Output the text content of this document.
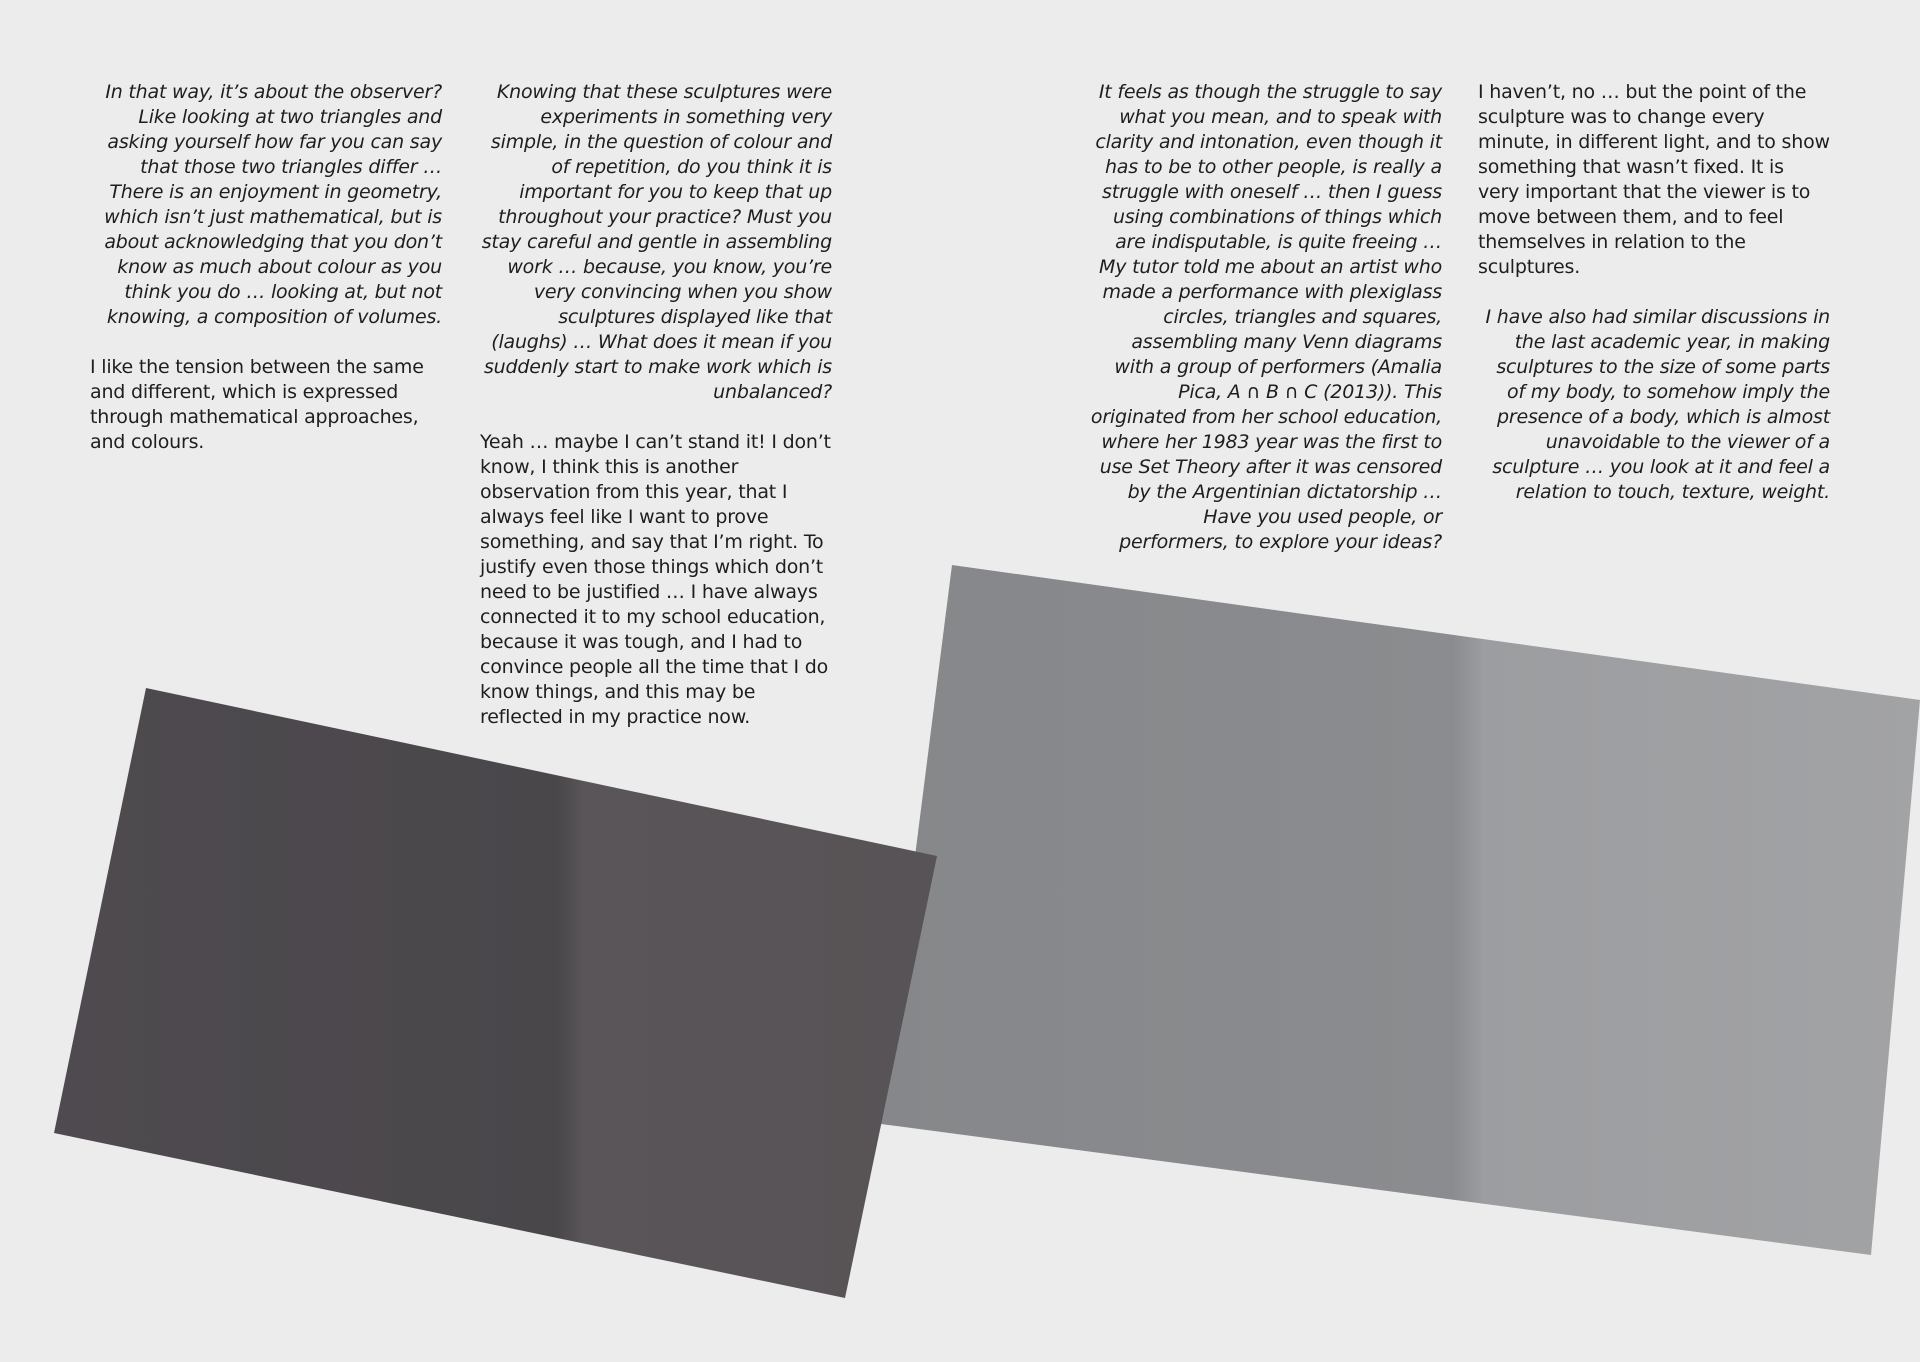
In that way, it’s about the observer? Like looking at two triangles and asking yourself how far you can say that those two triangles differ … There is an enjoyment in geometry, which isn’t just mathematical, but is about acknowledging that you don’t know as much about colour as you think you do … looking at, but not knowing, a composition of volumes.

I like the tension between the same and different, which is expressed through mathematical approaches, and colours.

Knowing that these sculptures were experiments in something very simple, in the question of colour and of repetition, do you think it is important for you to keep that up throughout your practice? Must you stay careful and gentle in assembling work … because, you know, you’re very convincing when you show sculptures displayed like that (laughs) … What does it mean if you suddenly start to make work which is unbalanced?

Yeah … maybe I can’t stand it! I don’t know, I think this is another observation from this year, that I always feel like I want to prove something, and say that I’m right. To justify even those things which don’t need to be justified … I have always connected it to my school education, because it was tough, and I had to convince people all the time that I do know things, and this may be reflected in my practice now.

It feels as though the struggle to say what you mean, and to speak with clarity and intonation, even though it has to be to other people, is really a struggle with oneself … then I guess using combinations of things which are indisputable, is quite freeing … My tutor told me about an artist who made a performance with plexiglass circles, triangles and squares, assembling many Venn diagrams with a group of performers (Amalia Pica, A ∩ B ∩ C (2013)). This originated from her school education, where her 1983 year was the first to use Set Theory after it was censored by the Argentinian dictatorship … Have you used people, or performers, to explore your ideas?

I haven’t, no … but the point of the sculpture was to change every minute, in different light, and to show something that wasn’t fixed. It is very important that the viewer is to move between them, and to feel themselves in relation to the sculptures.

I have also had similar discussions in the last academic year, in making sculptures to the size of some parts of my body, to somehow imply the presence of a body, which is almost unavoidable to the viewer of a sculpture … you look at it and feel a relation to touch, texture, weight.
